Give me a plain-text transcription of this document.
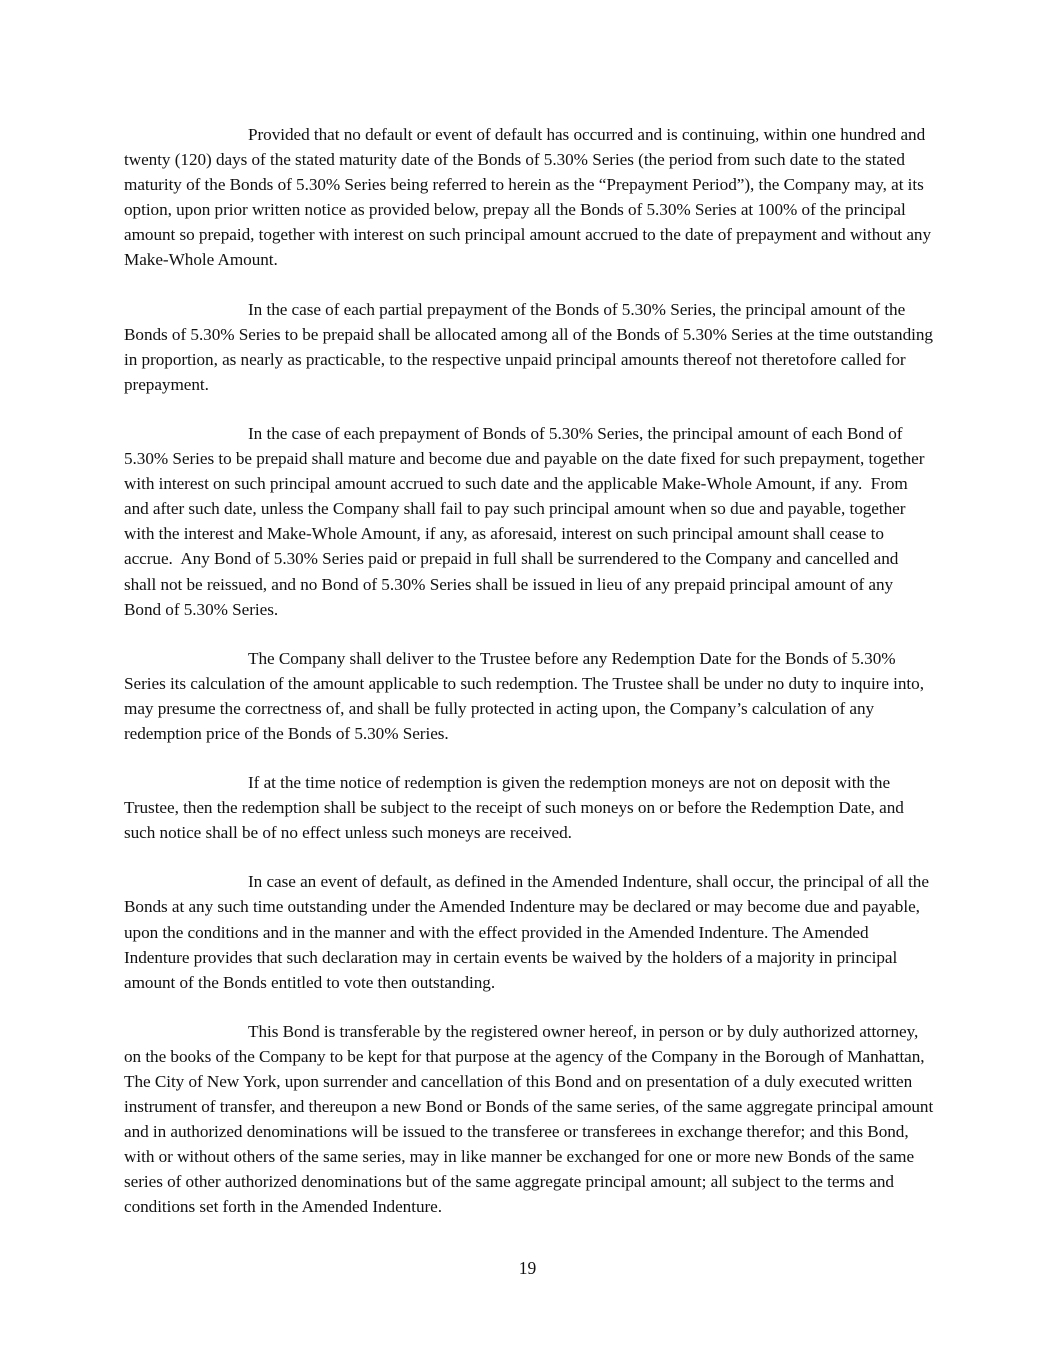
Provided that no default or event of default has occurred and is continuing, within one hundred and twenty (120) days of the stated maturity date of the Bonds of 5.30% Series (the period from such date to the stated maturity of the Bonds of 5.30% Series being referred to herein as the “Prepayment Period”), the Company may, at its option, upon prior written notice as provided below, prepay all the Bonds of 5.30% Series at 100% of the principal amount so prepaid, together with interest on such principal amount accrued to the date of prepayment and without any Make-Whole Amount.

In the case of each partial prepayment of the Bonds of 5.30% Series, the principal amount of the Bonds of 5.30% Series to be prepaid shall be allocated among all of the Bonds of 5.30% Series at the time outstanding in proportion, as nearly as practicable, to the respective unpaid principal amounts thereof not theretofore called for prepayment.

In the case of each prepayment of Bonds of 5.30% Series, the principal amount of each Bond of 5.30% Series to be prepaid shall mature and become due and payable on the date fixed for such prepayment, together with interest on such principal amount accrued to such date and the applicable Make-Whole Amount, if any.  From and after such date, unless the Company shall fail to pay such principal amount when so due and payable, together with the interest and Make-Whole Amount, if any, as aforesaid, interest on such principal amount shall cease to accrue.  Any Bond of 5.30% Series paid or prepaid in full shall be surrendered to the Company and cancelled and shall not be reissued, and no Bond of 5.30% Series shall be issued in lieu of any prepaid principal amount of any Bond of 5.30% Series.

The Company shall deliver to the Trustee before any Redemption Date for the Bonds of 5.30% Series its calculation of the amount applicable to such redemption. The Trustee shall be under no duty to inquire into, may presume the correctness of, and shall be fully protected in acting upon, the Company’s calculation of any redemption price of the Bonds of 5.30% Series.

If at the time notice of redemption is given the redemption moneys are not on deposit with the Trustee, then the redemption shall be subject to the receipt of such moneys on or before the Redemption Date, and such notice shall be of no effect unless such moneys are received.

In case an event of default, as defined in the Amended Indenture, shall occur, the principal of all the Bonds at any such time outstanding under the Amended Indenture may be declared or may become due and payable, upon the conditions and in the manner and with the effect provided in the Amended Indenture. The Amended Indenture provides that such declaration may in certain events be waived by the holders of a majority in principal amount of the Bonds entitled to vote then outstanding.

This Bond is transferable by the registered owner hereof, in person or by duly authorized attorney, on the books of the Company to be kept for that purpose at the agency of the Company in the Borough of Manhattan, The City of New York, upon surrender and cancellation of this Bond and on presentation of a duly executed written instrument of transfer, and thereupon a new Bond or Bonds of the same series, of the same aggregate principal amount and in authorized denominations will be issued to the transferee or transferees in exchange therefor; and this Bond, with or without others of the same series, may in like manner be exchanged for one or more new Bonds of the same series of other authorized denominations but of the same aggregate principal amount; all subject to the terms and conditions set forth in the Amended Indenture.

19
